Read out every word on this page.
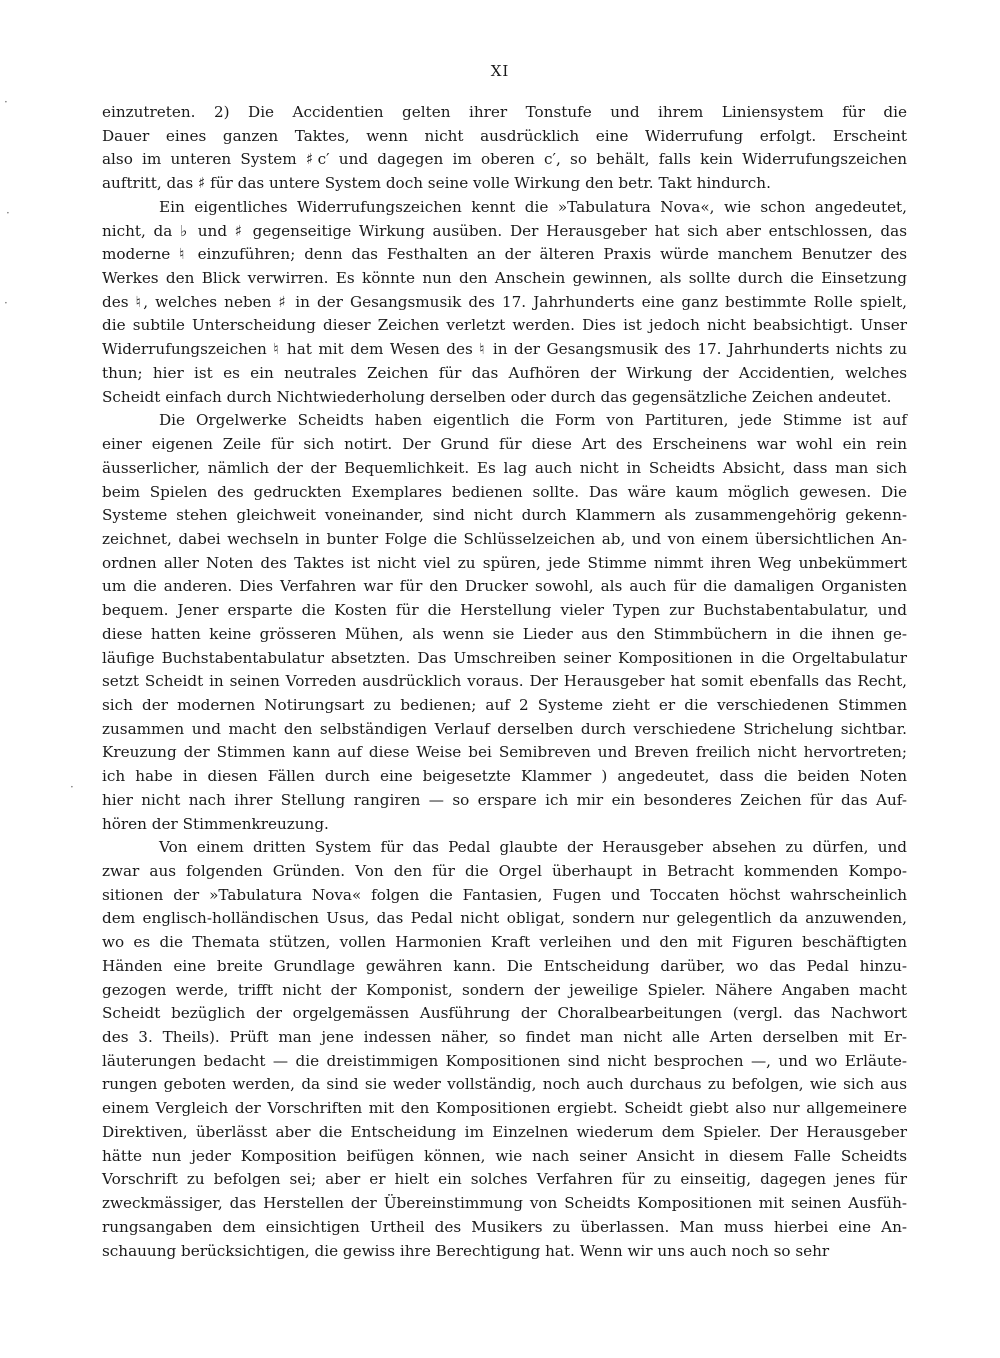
XI
·
·
·
·
einzutreten. 2) Die Accidentien gelten ihrer Tonstufe und ihrem Liniensystem für die
Dauer eines ganzen Taktes, wenn nicht ausdrücklich eine Widerrufung erfolgt. Erscheint
also im unteren System ♯c′ und dagegen im oberen c′, so behält, falls kein Widerrufungszeichen
auftritt, das ♯ für das untere System doch seine volle Wirkung den betr. Takt hindurch.
Ein eigentliches Widerrufungszeichen kennt die »Tabulatura Nova«, wie schon angedeutet,
nicht, da ♭ und ♯ gegenseitige Wirkung ausüben. Der Herausgeber hat sich aber entschlossen, das
moderne ♮ einzuführen; denn das Festhalten an der älteren Praxis würde manchem Benutzer des
Werkes den Blick verwirren. Es könnte nun den Anschein gewinnen, als sollte durch die Einsetzung
des ♮, welches neben ♯ in der Gesangsmusik des 17. Jahrhunderts eine ganz bestimmte Rolle spielt,
die subtile Unterscheidung dieser Zeichen verletzt werden. Dies ist jedoch nicht beabsichtigt. Unser
Widerrufungszeichen ♮ hat mit dem Wesen des ♮ in der Gesangsmusik des 17. Jahrhunderts nichts zu
thun; hier ist es ein neutrales Zeichen für das Aufhören der Wirkung der Accidentien, welches
Scheidt einfach durch Nichtwiederholung derselben oder durch das gegensätzliche Zeichen andeutet.
Die Orgelwerke Scheidts haben eigentlich die Form von Partituren, jede Stimme ist auf
einer eigenen Zeile für sich notirt. Der Grund für diese Art des Erscheinens war wohl ein rein
äusserlicher, nämlich der der Bequemlichkeit. Es lag auch nicht in Scheidts Absicht, dass man sich
beim Spielen des gedruckten Exemplares bedienen sollte. Das wäre kaum möglich gewesen. Die
Systeme stehen gleichweit voneinander, sind nicht durch Klammern als zusammengehörig gekenn-
zeichnet, dabei wechseln in bunter Folge die Schlüsselzeichen ab, und von einem übersichtlichen An-
ordnen aller Noten des Taktes ist nicht viel zu spüren, jede Stimme nimmt ihren Weg unbekümmert
um die anderen. Dies Verfahren war für den Drucker sowohl, als auch für die damaligen Organisten
bequem. Jener ersparte die Kosten für die Herstellung vieler Typen zur Buchstabentabulatur, und
diese hatten keine grösseren Mühen, als wenn sie Lieder aus den Stimmbüchern in die ihnen ge-
läufige Buchstabentabulatur absetzten. Das Umschreiben seiner Kompositionen in die Orgeltabulatur
setzt Scheidt in seinen Vorreden ausdrücklich voraus. Der Herausgeber hat somit ebenfalls das Recht,
sich der modernen Notirungsart zu bedienen; auf 2 Systeme zieht er die verschiedenen Stimmen
zusammen und macht den selbständigen Verlauf derselben durch verschiedene Strichelung sichtbar.
Kreuzung der Stimmen kann auf diese Weise bei Semibreven und Breven freilich nicht hervortreten;
ich habe in diesen Fällen durch eine beigesetzte Klammer ) angedeutet, dass die beiden Noten
hier nicht nach ihrer Stellung rangiren — so erspare ich mir ein besonderes Zeichen für das Auf-
hören der Stimmenkreuzung.
Von einem dritten System für das Pedal glaubte der Herausgeber absehen zu dürfen, und
zwar aus folgenden Gründen. Von den für die Orgel überhaupt in Betracht kommenden Kompo-
sitionen der »Tabulatura Nova« folgen die Fantasien, Fugen und Toccaten höchst wahrscheinlich
dem englisch-holländischen Usus, das Pedal nicht obligat, sondern nur gelegentlich da anzuwenden,
wo es die Themata stützen, vollen Harmonien Kraft verleihen und den mit Figuren beschäftigten
Händen eine breite Grundlage gewähren kann. Die Entscheidung darüber, wo das Pedal hinzu-
gezogen werde, trifft nicht der Komponist, sondern der jeweilige Spieler. Nähere Angaben macht
Scheidt bezüglich der orgelgemässen Ausführung der Choralbearbeitungen (vergl. das Nachwort
des 3. Theils). Prüft man jene indessen näher, so findet man nicht alle Arten derselben mit Er-
läuterungen bedacht — die dreistimmigen Kompositionen sind nicht besprochen —, und wo Erläute-
rungen geboten werden, da sind sie weder vollständig, noch auch durchaus zu befolgen, wie sich aus
einem Vergleich der Vorschriften mit den Kompositionen ergiebt. Scheidt giebt also nur allgemeinere
Direktiven, überlässt aber die Entscheidung im Einzelnen wiederum dem Spieler. Der Herausgeber
hätte nun jeder Komposition beifügen können, wie nach seiner Ansicht in diesem Falle Scheidts
Vorschrift zu befolgen sei; aber er hielt ein solches Verfahren für zu einseitig, dagegen jenes für
zweckmässiger, das Herstellen der Übereinstimmung von Scheidts Kompositionen mit seinen Ausfüh-
rungsangaben dem einsichtigen Urtheil des Musikers zu überlassen. Man muss hierbei eine An-
schauung berücksichtigen, die gewiss ihre Berechtigung hat. Wenn wir uns auch noch so sehr
